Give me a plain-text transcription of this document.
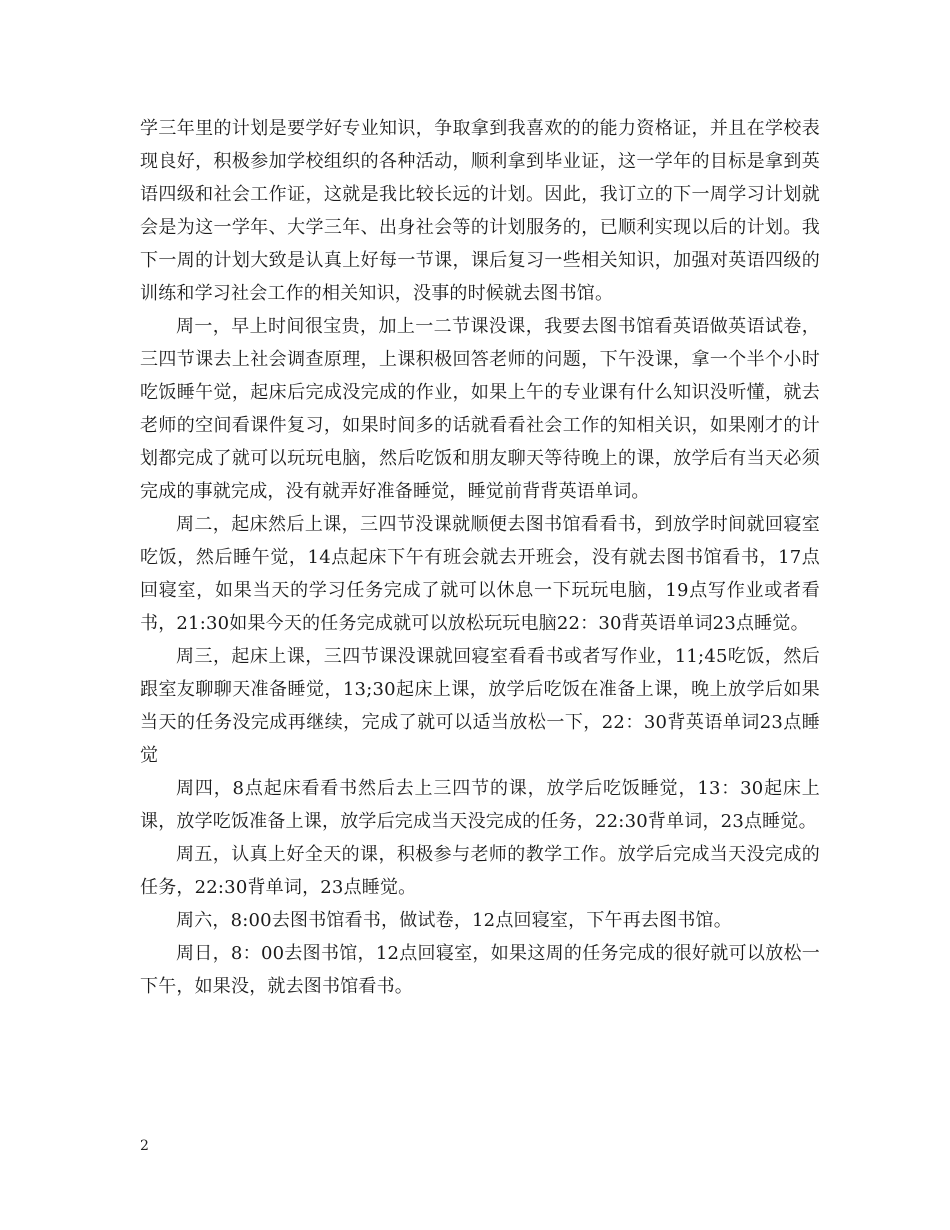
学三年里的计划是要学好专业知识，争取拿到我喜欢的的能力资格证，并且在学校表现良好，积极参加学校组织的各种活动，顺利拿到毕业证，这一学年的目标是拿到英语四级和社会工作证，这就是我比较长远的计划。因此，我订立的下一周学习计划就会是为这一学年、大学三年、出身社会等的计划服务的，已顺利实现以后的计划。我下一周的计划大致是认真上好每一节课，课后复习一些相关知识，加强对英语四级的训练和学习社会工作的相关知识，没事的时候就去图书馆。

周一，早上时间很宝贵，加上一二节课没课，我要去图书馆看英语做英语试卷，三四节课去上社会调查原理，上课积极回答老师的问题，下午没课，拿一个半个小时吃饭睡午觉，起床后完成没完成的作业，如果上午的专业课有什么知识没听懂，就去老师的空间看课件复习，如果时间多的话就看看社会工作的知相关识，如果刚才的计划都完成了就可以玩玩电脑，然后吃饭和朋友聊天等待晚上的课，放学后有当天必须完成的事就完成，没有就弄好准备睡觉，睡觉前背背英语单词。

周二，起床然后上课，三四节没课就顺便去图书馆看看书，到放学时间就回寝室吃饭，然后睡午觉，14点起床下午有班会就去开班会，没有就去图书馆看书，17点回寝室，如果当天的学习任务完成了就可以休息一下玩玩电脑，19点写作业或者看书，21:30如果今天的任务完成就可以放松玩玩电脑22：30背英语单词23点睡觉。

周三，起床上课，三四节课没课就回寝室看看书或者写作业，11;45吃饭，然后跟室友聊聊天准备睡觉，13;30起床上课，放学后吃饭在准备上课，晚上放学后如果当天的任务没完成再继续，完成了就可以适当放松一下，22：30背英语单词23点睡觉

周四，8点起床看看书然后去上三四节的课，放学后吃饭睡觉，13：30起床上课，放学吃饭准备上课，放学后完成当天没完成的任务，22:30背单词，23点睡觉。

周五，认真上好全天的课，积极参与老师的教学工作。放学后完成当天没完成的任务，22:30背单词，23点睡觉。

周六，8:00去图书馆看书，做试卷，12点回寝室，下午再去图书馆。

周日，8：00去图书馆，12点回寝室，如果这周的任务完成的很好就可以放松一下午，如果没，就去图书馆看书。

2
